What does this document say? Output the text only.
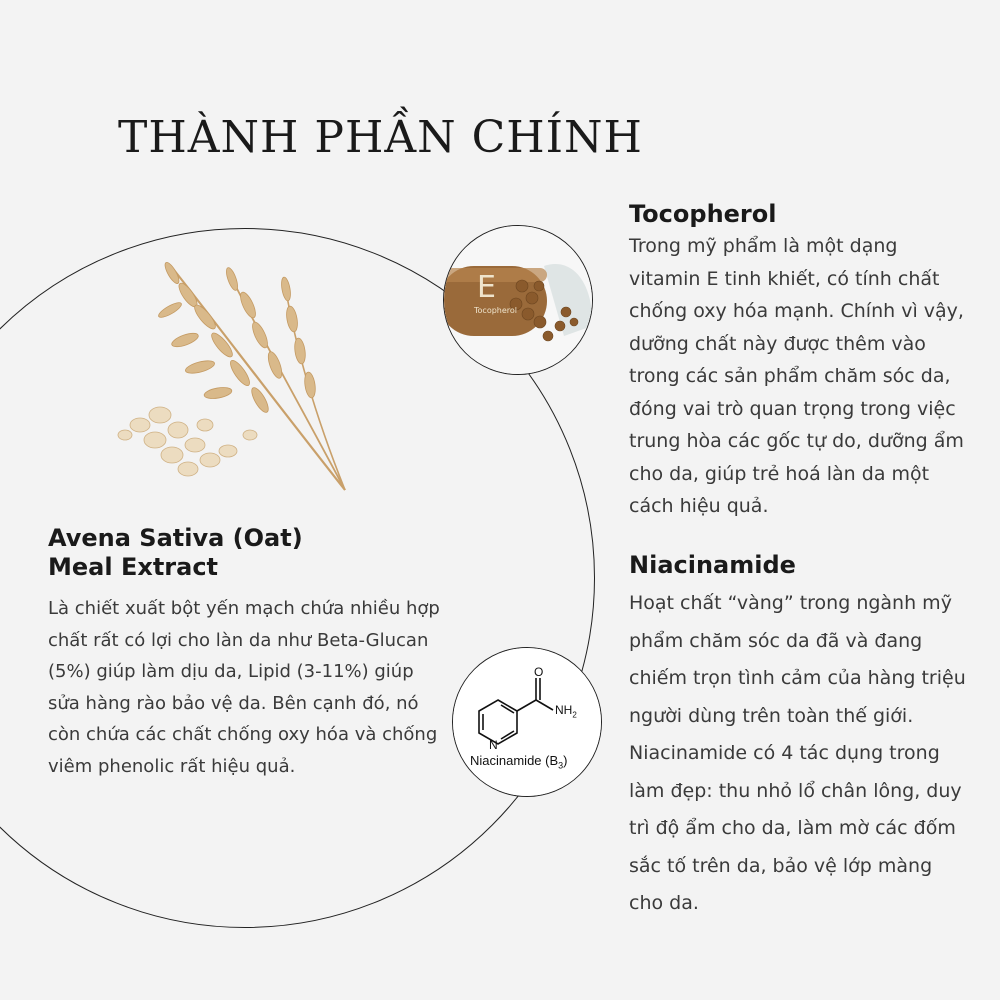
THÀNH PHẦN CHÍNH
Avena Sativa (Oat)
Meal Extract

Là chiết xuất bột yến mạch chứa nhiều hợp chất rất có lợi cho làn da như Beta-Glucan (5%) giúp làm dịu da, Lipid (3-11%) giúp sửa hàng rào bảo vệ da. Bên cạnh đó, nó còn chứa các chất chống oxy hóa và chống viêm phenolic rất hiệu quả.

E
Tocopherol
Tocopherol

Trong mỹ phẩm là một dạng vitamin E tinh khiết, có tính chất chống oxy hóa mạnh. Chính vì vậy, dưỡng chất này được thêm vào trong các sản phẩm chăm sóc da, đóng vai trò quan trọng trong việc trung hòa các gốc tự do, dưỡng ẩm cho da, giúp trẻ hoá làn da một cách hiệu quả.

O
$NH_2$
N
Niacinamide $(B_3)$
Niacinamide

Hoạt chất “vàng” trong ngành mỹ phẩm chăm sóc da đã và đang chiếm trọn tình cảm của hàng triệu người dùng trên toàn thế giới. Niacinamide có 4 tác dụng trong làm đẹp: thu nhỏ lổ chân lông, duy trì độ ẩm cho da, làm mờ các đốm sắc tố trên da, bảo vệ lớp màng cho da.
